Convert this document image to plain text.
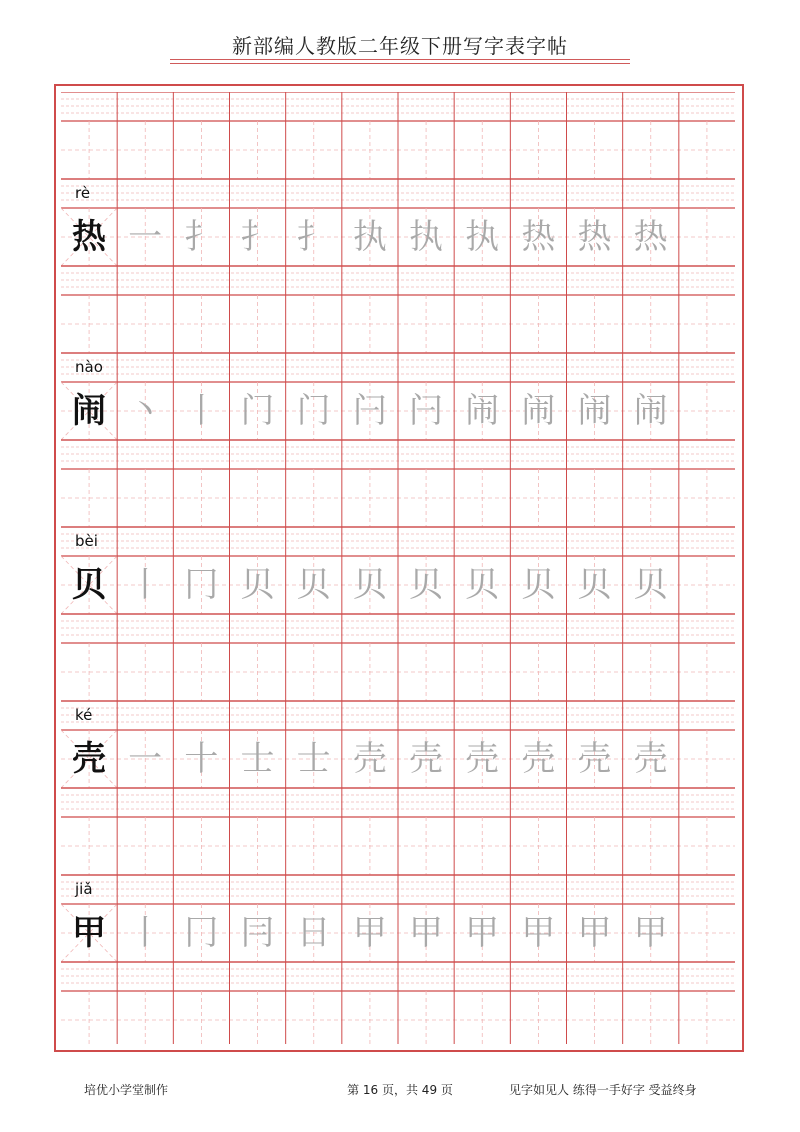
新部编人教版二年级下册写字表字帖
rè
热 一 扌 扌 扌 执 执 执 热 热 热
nào
闹 丶 丨 门 门 闩 闩 闹 闹 闹 闹
bèi
贝 丨 冂 贝 贝 贝 贝 贝 贝 贝 贝
ké
壳 一 十 士 士 壳 壳 壳 壳 壳 壳
jiǎ
甲 丨 冂 冃 日 甲 甲 甲 甲 甲 甲
培优小学堂制作	第 16 页，共 49 页	见字如见人 练得一手好字 受益终身
